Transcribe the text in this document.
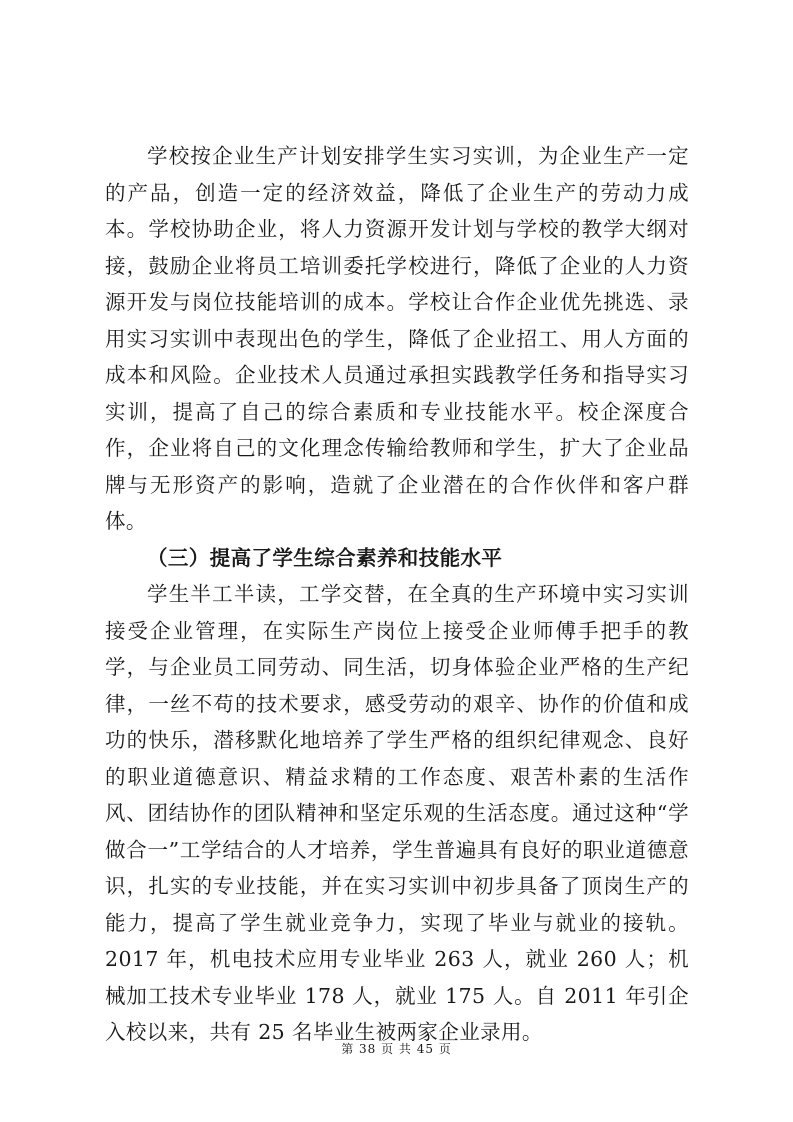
学校按企业生产计划安排学生实习实训，为企业生产一定的产品，创造一定的经济效益，降低了企业生产的劳动力成本。学校协助企业，将人力资源开发计划与学校的教学大纲对接，鼓励企业将员工培训委托学校进行，降低了企业的人力资源开发与岗位技能培训的成本。学校让合作企业优先挑选、录用实习实训中表现出色的学生，降低了企业招工、用人方面的成本和风险。企业技术人员通过承担实践教学任务和指导实习实训，提高了自己的综合素质和专业技能水平。校企深度合作，企业将自己的文化理念传输给教师和学生，扩大了企业品牌与无形资产的影响，造就了企业潜在的合作伙伴和客户群体。

（三）提高了学生综合素养和技能水平

学生半工半读，工学交替，在全真的生产环境中实习实训接受企业管理，在实际生产岗位上接受企业师傅手把手的教学，与企业员工同劳动、同生活，切身体验企业严格的生产纪律，一丝不苟的技术要求，感受劳动的艰辛、协作的价值和成功的快乐，潜移默化地培养了学生严格的组织纪律观念、良好的职业道德意识、精益求精的工作态度、艰苦朴素的生活作风、团结协作的团队精神和坚定乐观的生活态度。通过这种“学做合一”工学结合的人才培养，学生普遍具有良好的职业道德意识，扎实的专业技能，并在实习实训中初步具备了顶岗生产的能力，提高了学生就业竞争力，实现了毕业与就业的接轨。2017 年，机电技术应用专业毕业 263 人，就业 260 人；机械加工技术专业毕业 178 人，就业 175 人。自 2011 年引企入校以来，共有 25 名毕业生被两家企业录用。

第 38 页 共 45 页
